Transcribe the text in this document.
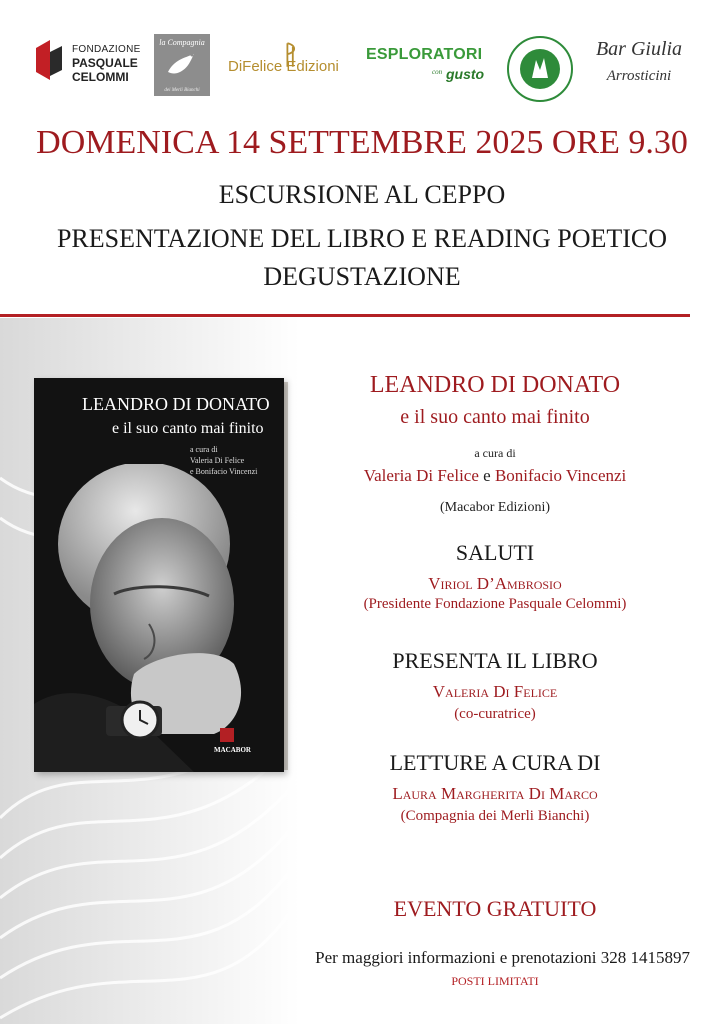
FONDAZIONE
PASQUALE
CELOMMI
la Compagnia
dei Merli Bianchi
DiFelice Edizioni
ESPLORATORI
con gusto
Bar Giulia
Arrosticini
DOMENICA 14 SETTEMBRE 2025 ORE 9.30
ESCURSIONE AL CEPPO
PRESENTAZIONE DEL LIBRO E READING POETICO
DEGUSTAZIONE
LEANDRO DI DONATO
e il suo canto mai finito
a cura di
Valeria Di Felice
e Bonifacio Vincenzi
MACABOR
LEANDRO DI DONATO
e il suo canto mai finito
a cura di
Valeria Di Felice e Bonifacio Vincenzi
(Macabor Edizioni)
SALUTI
Viriol D’Ambrosio
(Presidente Fondazione Pasquale Celommi)
PRESENTA IL LIBRO
Valeria Di Felice
(co-curatrice)
LETTURE A CURA DI
Laura Margherita Di Marco
(Compagnia dei Merli Bianchi)
EVENTO GRATUITO
Per maggiori informazioni e prenotazioni 328 1415897
POSTI LIMITATI
